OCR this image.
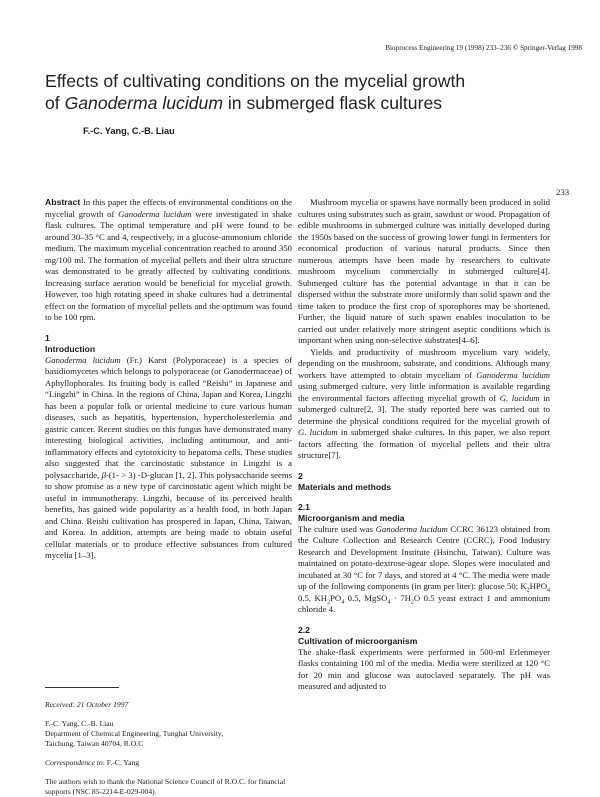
Bioprocess Engineering 19 (1998) 233–236 © Springer-Verlag 1998
Effects of cultivating conditions on the mycelial growth
of Ganoderma lucidum in submerged flask cultures
F.-C. Yang, C.-B. Liau
233

Abstract In this paper the effects of environmental conditions on the mycelial growth of Ganoderma lucidum were investigated in shake flask cultures. The optimal temperature and pH were found to be around 30–35 °C and 4, respectively, in a glucose-ammonium chloride medium. The maximum mycelial concentration reached to around 350 mg/100 ml. The formation of mycelial pellets and their ultra structure was demonstrated to be greatly affected by cultivating conditions. Increasing surface aeration would be beneficial for mycelial growth. However, too high rotating speed in shake cultures had a detrimental effect on the formation of mycelial pellets and the optimum was found to be 100 rpm.

1
Introduction

Ganoderma lucidum (Fr.) Karst (Polyporaceae) is a species of basidiomycetes which belongs to polyporaceae (or Ganodermaceae) of Aphyllophorales. Its fruiting body is called “Reishi” in Japanese and “Lingzhi” in China. In the regions of China, Japan and Korea, Lingzhi has been a popular folk or oriental medicine to cure various human diseases, such as hepatitis, hypertension, hypercholesterlemia and gastric cancer. Recent studies on this fungus have demonstrated many interesting biological activities, including antitumour, and anti-inflammatory effects and cytotoxicity to hepatoma cells. These studies also suggested that the carcinostatic substance in Lingzhi is a polysaccharide, β-(1- > 3) -D-glucan [1, 2]. This polysaccharide seems to show promise as a new type of carcinostatic agent which might be useful in immunotherapy. Lingzhi, because of its perceived health benefits, has gained wide popularity as a health food, in both Japan and China. Reishi cultivation has prospered in Japan, China, Taiwan, and Korea. In addition, attempts are being made to obtain useful cellular materials or to produce effective substances from cultured mycelia [1–3].

Received: 21 October 1997
F.-C. Yang, C.-B. Liau
Department of Chemical Engineering, Tunghai University,
Taichung, Taiwan 40704, R.O.C
Correspondence to: F.-C. Yang
The authors wish to thank the National Science Council of R.O.C. for financial supports (NSC 85-2214-E-029-004).

Mushroom mycelia or spawns have normally been produced in solid cultures using substrates such as grain, sawdust or wood. Propagation of edible mushrooms in submerged culture was initially developed during the 1950s based on the success of growing lower fungi in fermenters for economical production of various natural products. Since then numerous attempts have been made by researchers to cultivate mushroom mycelium commercially in submerged culture[4]. Submerged culture has the potential advantage in that it can be dispersed within the substrate more uniformly than solid spawn and the time taken to produce the first crop of sporophores may be shortened. Further, the liquid nature of such spawn enables inoculation to be carried out under relatively more stringent aseptic conditions which is important when using non-selective substrates[4–6].

Yields and productivity of mushroom mycelium vary widely, depending on the mushroom, substrate, and conditions. Although many workers have attempted to obtain myceliam of Ganoderma lucidum using submerged culture, very little information is available regarding the environmental factors affecting mycelial growth of G. lucidum in submerged culture[2, 3]. The study reported here was carried out to determine the physical conditions required for the mycelial growth of G. lucidum in submerged shake cultures. In this paper, we also report factors affecting the formation of mycelial pellets and their ultra structure[7].

2
Materials and methods
2.1
Microorganism and media

The culture used was Ganoderma lucidum CCRC 36123 obtained from the Culture Collection and Research Centre (CCRC), Food Industry Research and Development Institute (Hsinchu, Taiwan). Culture was maintained on potato-dextrose-agear slope. Slopes were inoculated and incubated at 30 °C for 7 days, and stored at 4 °C. The media were made up of the following components (in gram per liter): glucose 50; $K_2HPO_4$ 0.5, $KH_2PO_4$ 0.5, MgSO$_4$ · $7H_2O$ 0.5 yeast extract 1 and ammonium chloride 4.

2.2
Cultivation of microorganism

The shake-flask experiments were performed in 500-ml Erlenmeyer flasks containing 100 ml of the media. Media were sterilized at 120 °C for 20 min and glucose was autoclaved separately. The pH was measured and adjusted to
